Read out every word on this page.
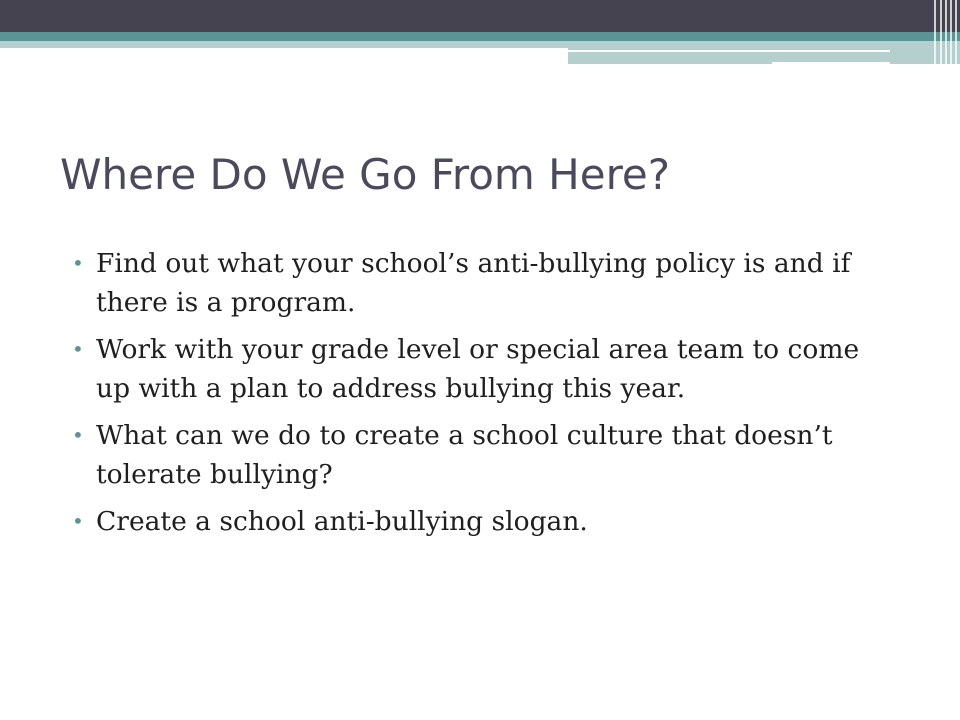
Where Do We Go From Here?
• Find out what your school’s anti-bullying policy is and if there is a program.
• Work with your grade level or special area team to come up with a plan to address bullying this year.
• What can we do to create a school culture that doesn’t tolerate bullying?
• Create a school anti-bullying slogan.
